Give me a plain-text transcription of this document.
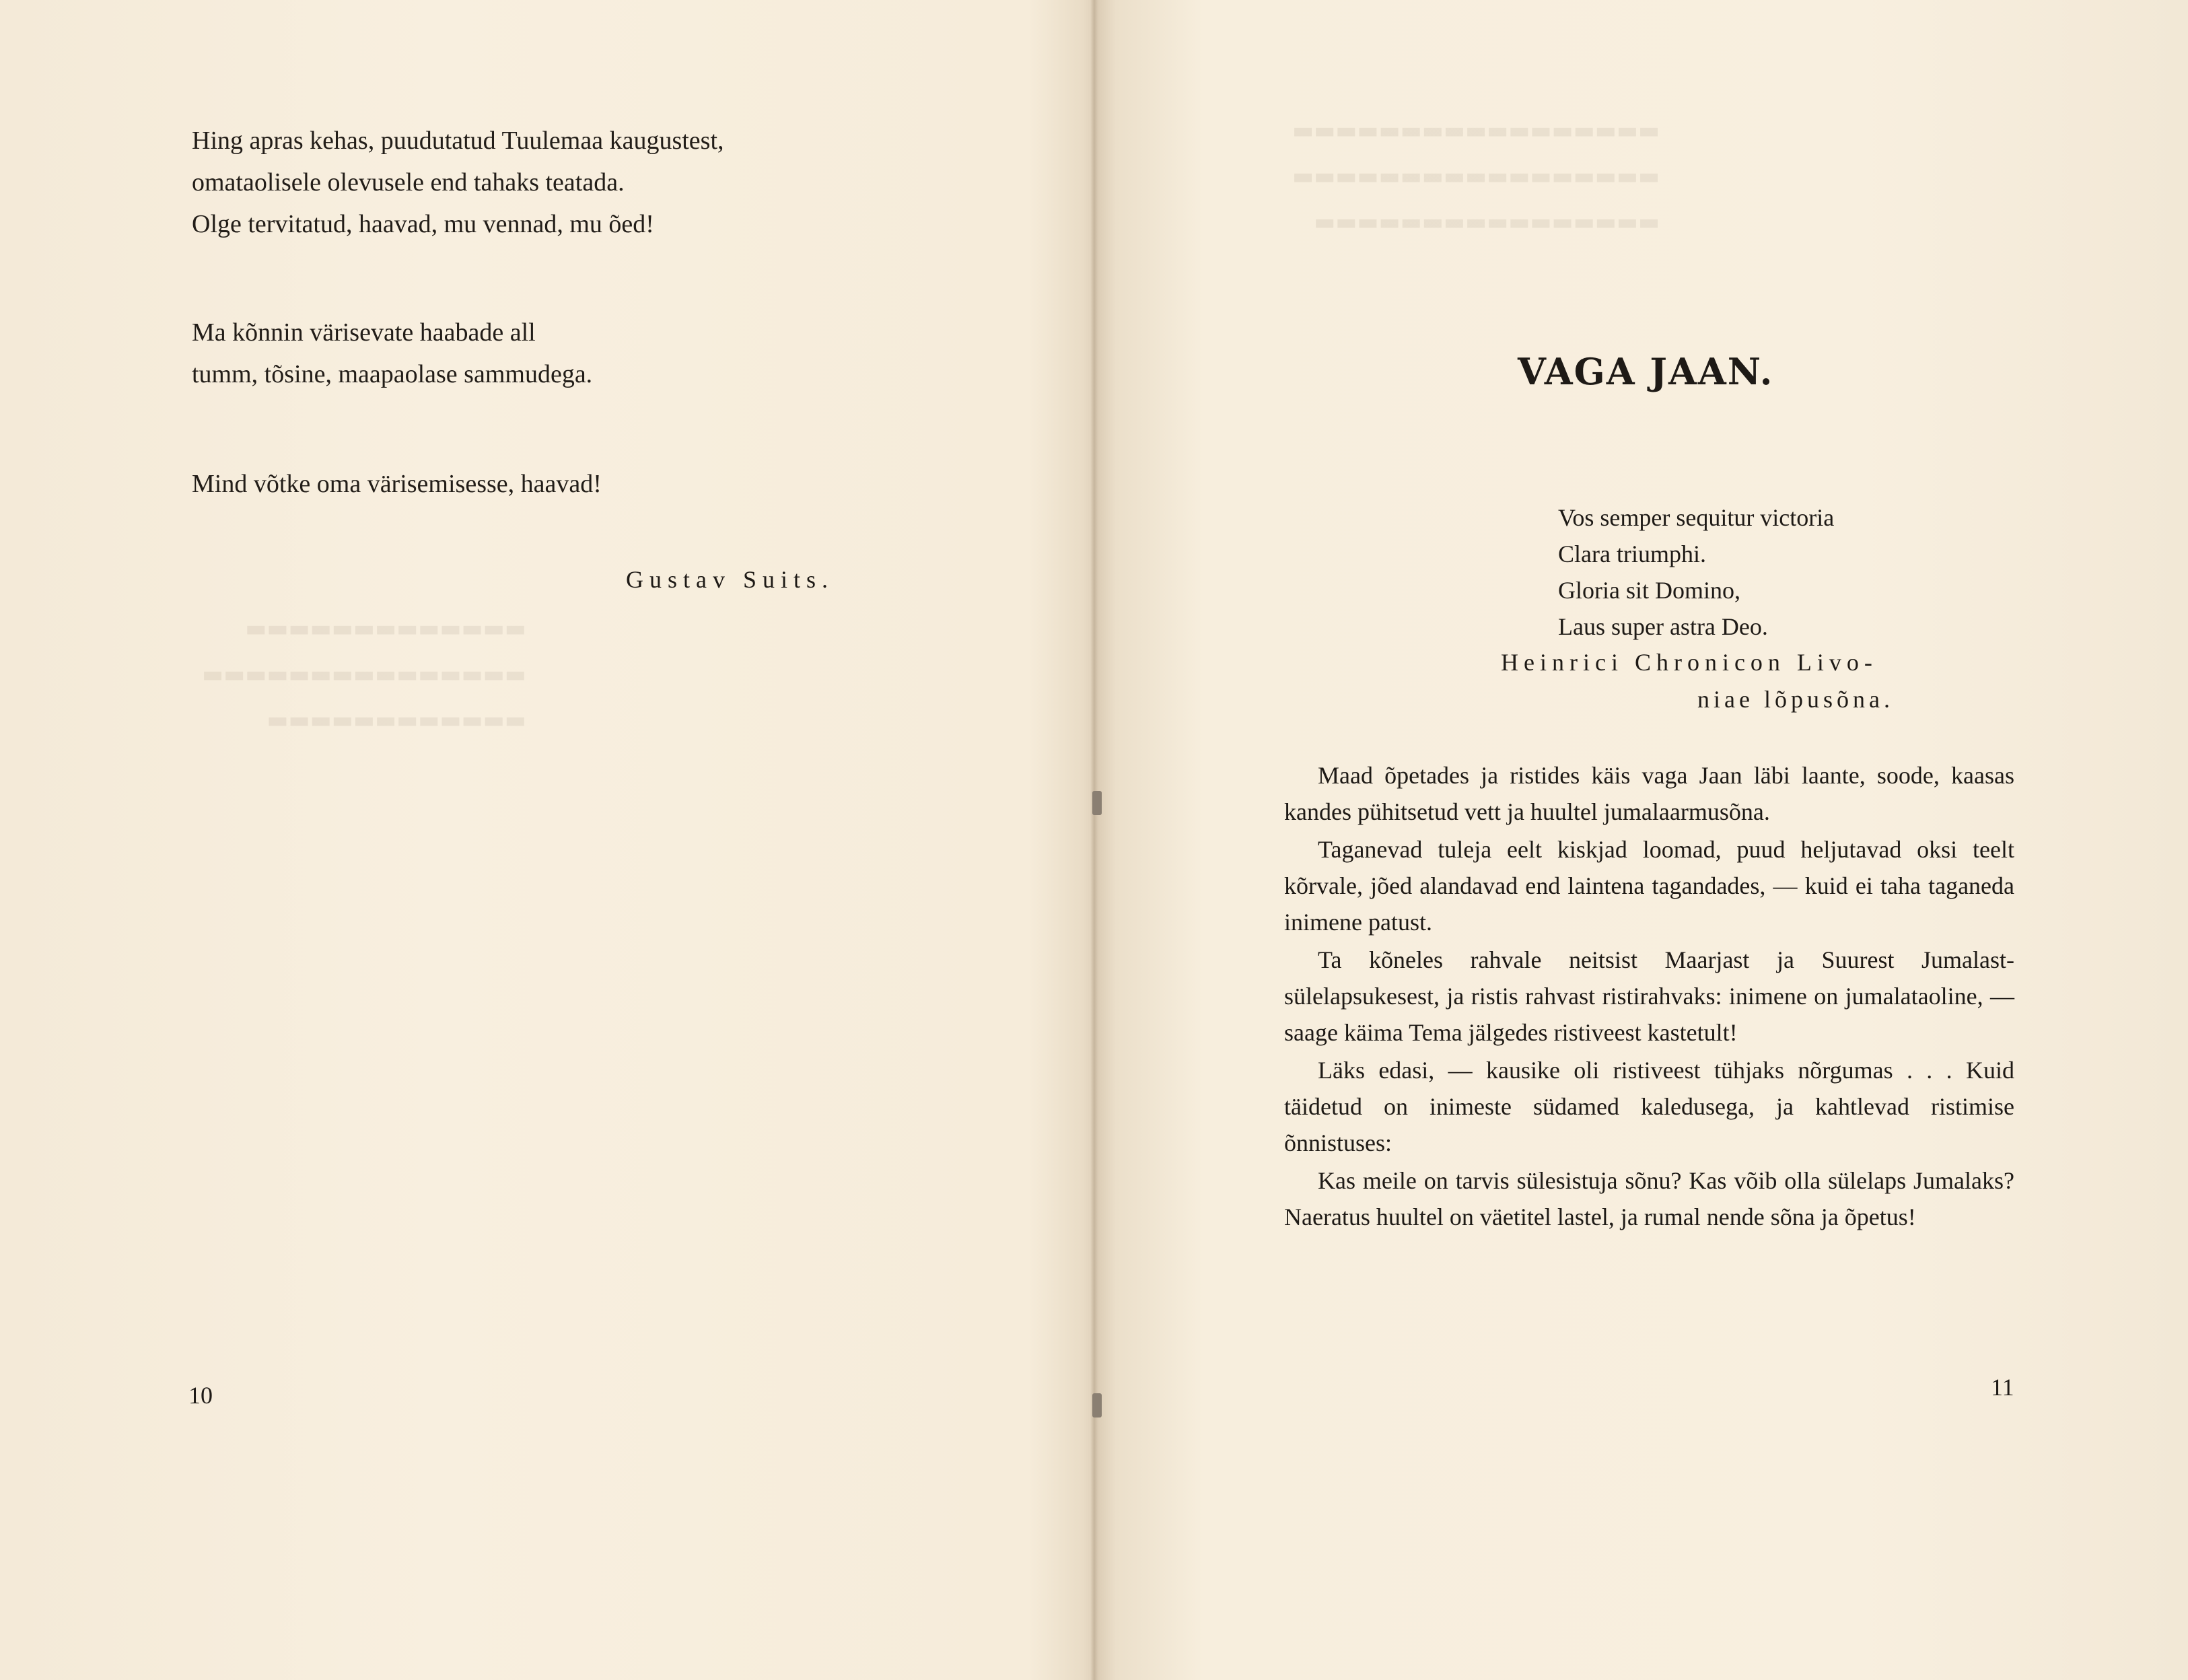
▬▬▬▬▬▬▬▬▬▬▬▬▬
▬▬▬▬▬▬▬▬▬▬▬▬▬▬▬
▬▬▬▬▬▬▬▬▬▬▬▬
▬▬▬▬▬▬▬▬▬▬▬▬▬▬▬▬▬
▬▬▬▬▬▬▬▬▬▬▬▬▬▬▬▬▬
▬▬▬▬▬▬▬▬▬▬▬▬▬▬▬▬
Hing apras kehas, puudutatud Tuulemaa kaugustest,
omataolisele olevusele end tahaks teatada.
Olge tervitatud, haavad, mu vennad, mu õed!
Ma kõnnin värisevate haabade all
tumm, tõsine, maapaolase sammudega.
Mind võtke oma värisemisesse, haavad!
Gustav Suits.
10
VAGA JAAN.
Vos semper sequitur victoria
Clara triumphi.
Gloria sit Domino,
Laus super astra Deo.
Heinrici Chronicon Livo-
niae lõpusõna.

Maad õpetades ja ristides käis vaga Jaan läbi laante, soode, kaasas kandes pühitsetud vett ja huultel jumalaarmusõna.

Taganevad tuleja eelt kiskjad loomad, puud heljutavad oksi teelt kõrvale, jõed alandavad end laintena tagandades, — kuid ei taha taganeda inimene patust.

Ta kõneles rahvale neitsist Maarjast ja Suurest Jumalast-sülelapsukesest, ja ristis rahvast ristirahvaks: inimene on jumalataoline, — saage käima Tema jälgedes ristiveest kastetult!

Läks edasi, — kausike oli ristiveest tühjaks nõrgumas . . . Kuid täidetud on inimeste südamed kaledusega, ja kahtlevad ristimise õnnistuses:

Kas meile on tarvis sülesistuja sõnu? Kas võib olla sülelaps Jumalaks? Naeratus huultel on väetitel lastel, ja rumal nende sõna ja õpetus!

11
